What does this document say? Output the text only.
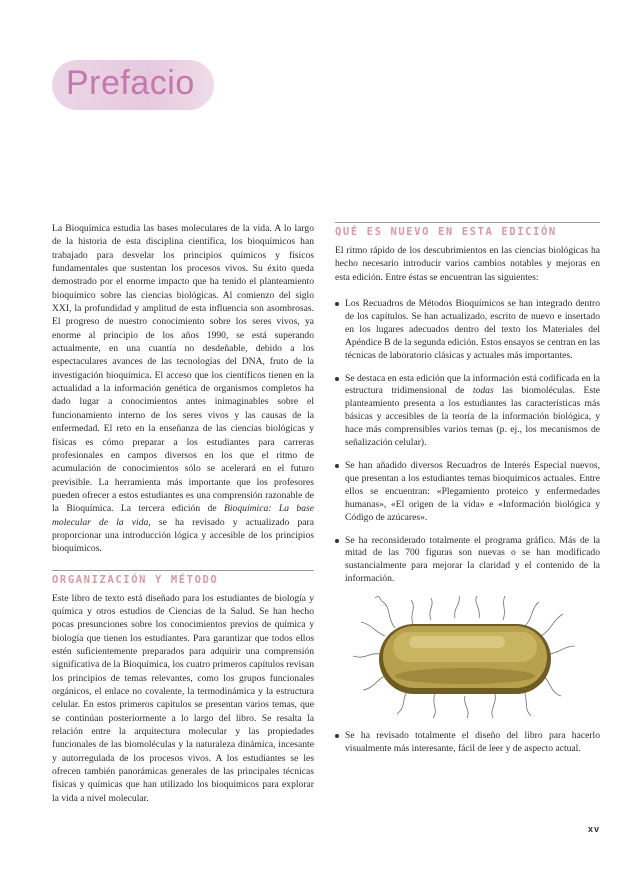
Prefacio

La Bioquímica estudia las bases moleculares de la vida. A lo largo de la historia de esta disciplina científica, los bioquímicos han trabajado para desvelar los principios químicos y físicos fundamentales que sustentan los procesos vivos. Su éxito queda demostrado por el enorme impacto que ha tenido el planteamiento bioquímico sobre las ciencias biológicas. Al comienzo del siglo XXI, la profundidad y amplitud de esta influencia son asombrosas. El progreso de nuestro conocimiento sobre los seres vivos, ya enorme al principio de los años 1990, se está superando actualmente, en una cuantía no desdeñable, debido a los espectaculares avances de las tecnologías del DNA, fruto de la investigación bioquímica. El acceso que los científicos tienen en la actualidad a la información genética de organismos completos ha dado lugar a conocimientos antes inimaginables sobre el funcionamiento interno de los seres vivos y las causas de la enfermedad. El reto en la enseñanza de las ciencias biológicas y físicas es cómo preparar a los estudiantes para carreras profesionales en campos diversos en los que el ritmo de acumulación de conocimientos sólo se acelerará en el futuro previsible. La herramienta más importante que los profesores pueden ofrecer a estos estudiantes es una comprensión razonable de la Bioquímica. La tercera edición de Bioquímica: La base molecular de la vida, se ha revisado y actualizado para proporcionar una introducción lógica y accesible de los principios bioquímicos.

ORGANIZACIÓN Y MÉTODO

Este libro de texto está diseñado para los estudiantes de biología y química y otros estudios de Ciencias de la Salud. Se han hecho pocas presunciones sobre los conocimientos previos de química y biología que tienen los estudiantes. Para garantizar que todos ellos estén suficientemente preparados para adquirir una comprensión significativa de la Bioquímica, los cuatro primeros capítulos revisan los principios de temas relevantes, como los grupos funcionales orgánicos, el enlace no covalente, la termodinámica y la estructura celular. En estos primeros capítulos se presentan varios temas, que se continúan posteriormente a lo largo del libro. Se resalta la relación entre la arquitectura molecular y las propiedades funcionales de las biomoléculas y la naturaleza dinámica, incesante y autorregulada de los procesos vivos. A los estudiantes se les ofrecen también panorámicas generales de las principales técnicas físicas y químicas que han utilizado los bioquímicos para explorar la vida a nivel molecular.

QUÉ ES NUEVO EN ESTA EDICIÓN

El ritmo rápido de los descubrimientos en las ciencias biológicas ha hecho necesario introducir varios cambios notables y mejoras en esta edición. Entre éstas se encuentran las siguientes:

Los Recuadros de Métodos Bioquímicos se han integrado dentro de los capítulos. Se han actualizado, escrito de nuevo e insertado en los lugares adecuados dentro del texto los Materiales del Apéndice B de la segunda edición. Estos ensayos se centran en las técnicas de laboratorio clásicas y actuales más importantes.

Se destaca en esta edición que la información está codificada en la estructura tridimensional de todas las biomoléculas. Este planteamiento presenta a los estudiantes las características más básicas y accesibles de la teoría de la información biológica, y hace más comprensibles varios temas (p. ej., los mecanismos de señalización celular).

Se han añadido diversos Recuadros de Interés Especial nuevos, que presentan a los estudiantes temas bioquímicos actuales. Entre ellos se encuentran: «Plegamiento proteico y enfermedades humanas», «El origen de la vida» e «Información biológica y Código de azúcares».

Se ha reconsiderado totalmente el programa gráfico. Más de la mitad de las 700 figuras son nuevas o se han modificado sustancialmente para mejorar la claridad y el contenido de la información.

Se ha revisado totalmente el diseño del libro para hacerlo visualmente más interesante, fácil de leer y de aspecto actual.

xv
